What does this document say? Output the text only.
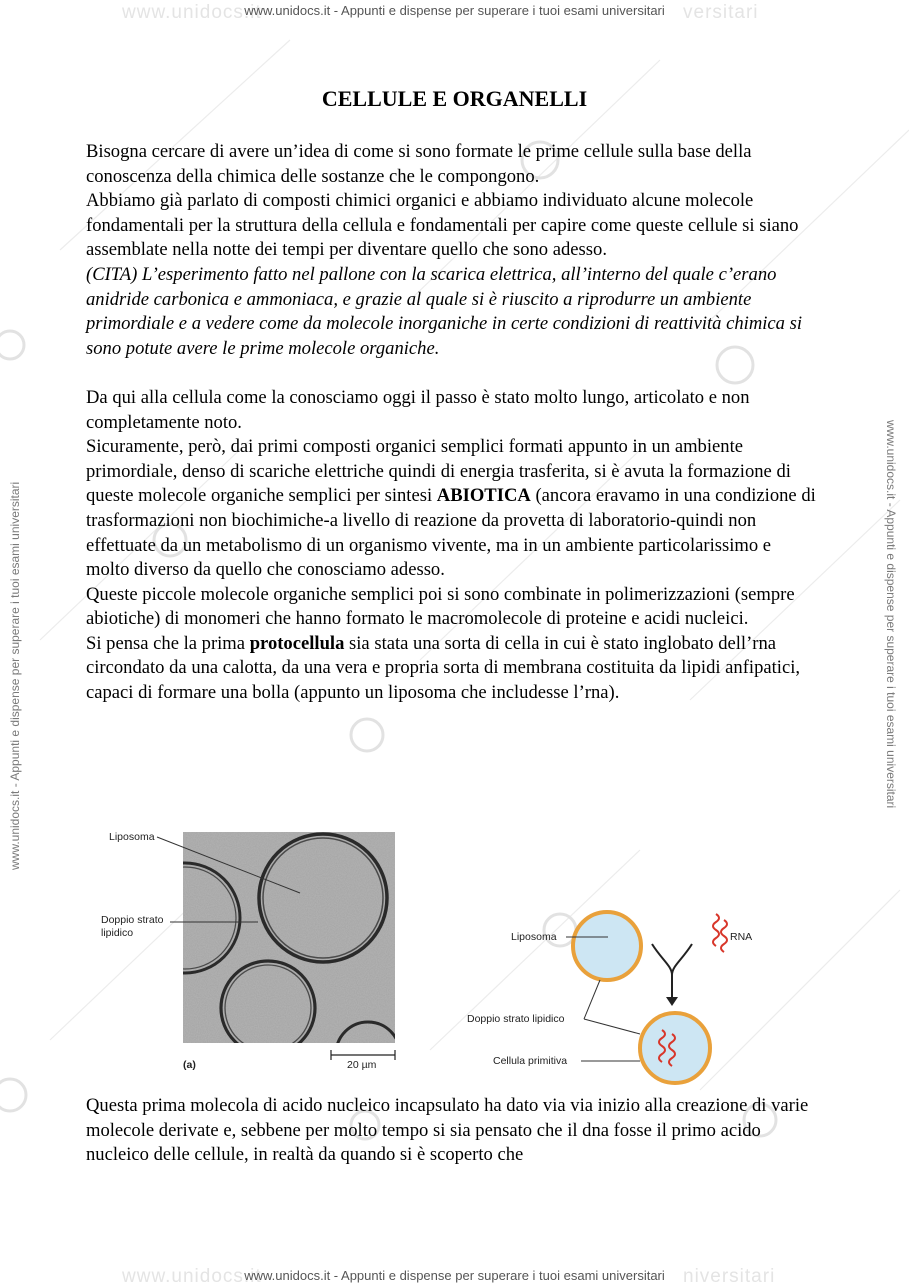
www.unidocs.it	versitari
www.unidocs.it	niversitari
www.unidocs.it - Appunti e dispense per superare i tuoi esami universitari
www.unidocs.it - Appunti e dispense per superare i tuoi esami universitari
www.unidocs.it - Appunti e dispense per superare i tuoi esami universitari	www.unidocs.it - Appunti e dispense per superare i tuoi esami universitari
CELLULE E ORGANELLI

Bisogna cercare di avere un’idea di come si sono formate le prime cellule sulla base della conoscenza della chimica delle sostanze che le compongono.

Abbiamo già parlato di composti chimici organici e abbiamo individuato alcune molecole fondamentali per la struttura della cellula e fondamentali per capire come queste cellule si siano assemblate nella notte dei tempi per diventare quello che sono adesso.

(CITA) L’esperimento fatto nel pallone con la scarica elettrica, all’interno del quale c’erano anidride carbonica e ammoniaca, e grazie al quale si è riuscito a riprodurre un ambiente primordiale e a vedere come da molecole inorganiche in certe condizioni di reattività chimica si sono potute avere le prime molecole organiche.

Da qui alla cellula come la conosciamo oggi il passo è stato molto lungo, articolato e non completamente noto.

Sicuramente, però, dai primi composti organici semplici formati appunto in un ambiente primordiale, denso di scariche elettriche quindi di energia trasferita, si è avuta la formazione di queste molecole organiche semplici per sintesi ABIOTICA (ancora eravamo in una condizione di trasformazioni non biochimiche-a livello di reazione da provetta di laboratorio-quindi non effettuate da un metabolismo di un organismo vivente, ma in un ambiente particolarissimo e molto diverso da quello che conosciamo adesso.

Queste piccole molecole organiche semplici poi si sono combinate in polimerizzazioni (sempre abiotiche) di monomeri che hanno formato le macromolecole di proteine e acidi nucleici.

Si pensa che la prima protocellula sia stata una sorta di cella in cui è stato inglobato dell’rna circondato da una calotta, da una vera e propria sorta di membrana costituita da lipidi anfipatici, capaci di formare una bolla (appunto un liposoma che includesse l’rna).

Liposoma
Doppio strato
lipidico
(a)	20 µm
Liposoma	RNA
Doppio strato lipidico
Cellula primitiva

Questa prima molecola di acido nucleico incapsulato ha dato via via inizio alla creazione di varie molecole derivate e, sebbene per molto tempo si sia pensato che il dna fosse il primo acido nucleico delle cellule, in realtà da quando si è scoperto che
